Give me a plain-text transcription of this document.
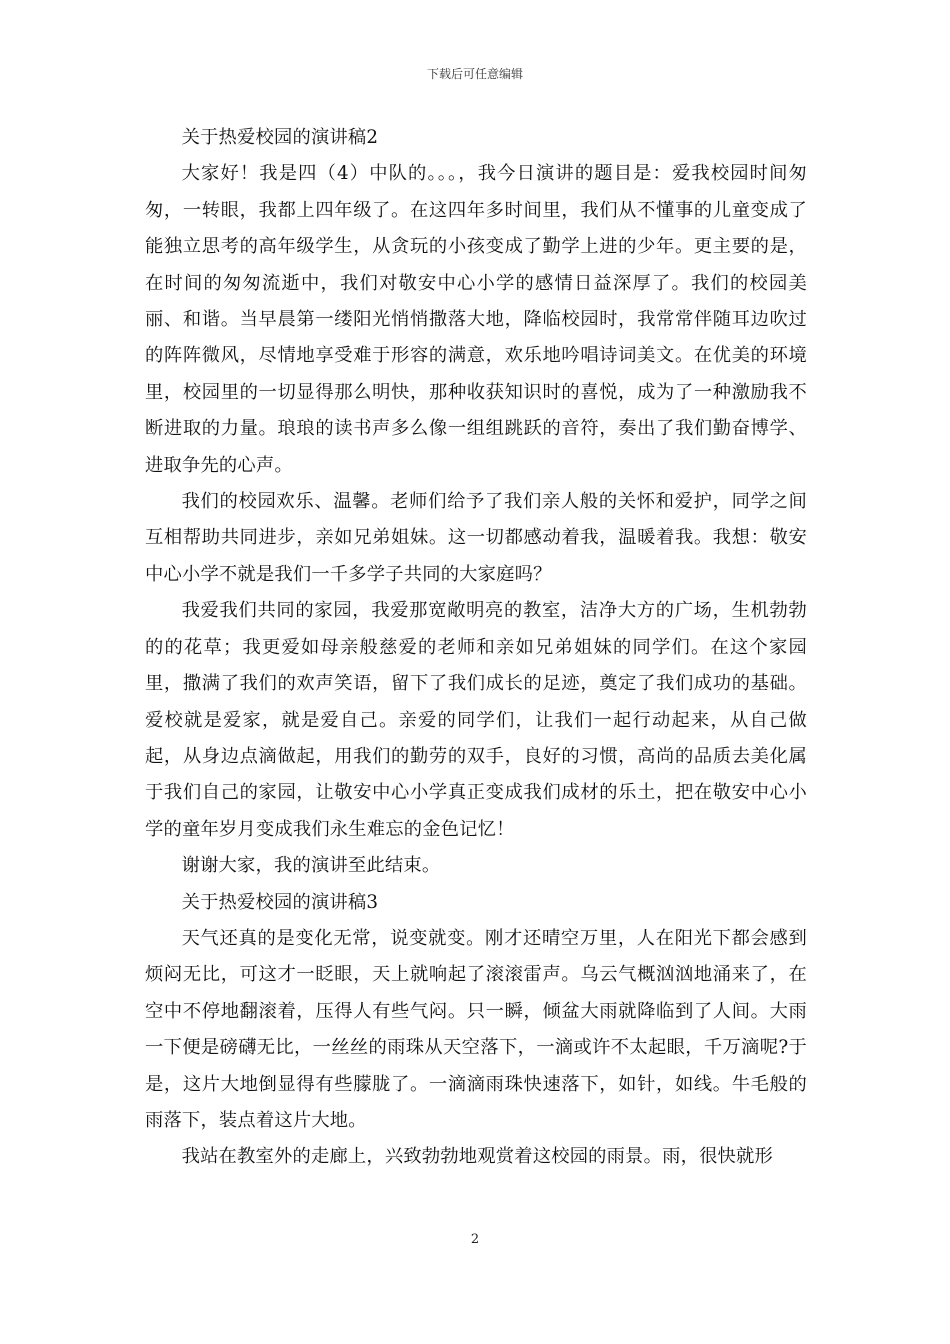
下载后可任意编辑

关于热爱校园的演讲稿2

大家好！我是四（4）中队的。。。，我今日演讲的题目是：爱我校园时间匆匆，一转眼，我都上四年级了。在这四年多时间里，我们从不懂事的儿童变成了能独立思考的高年级学生，从贪玩的小孩变成了勤学上进的少年。更主要的是，在时间的匆匆流逝中，我们对敬安中心小学的感情日益深厚了。我们的校园美丽、和谐。当早晨第一缕阳光悄悄撒落大地，降临校园时，我常常伴随耳边吹过的阵阵微风，尽情地享受难于形容的满意，欢乐地吟唱诗词美文。在优美的环境里，校园里的一切显得那么明快，那种收获知识时的喜悦，成为了一种激励我不断进取的力量。琅琅的读书声多么像一组组跳跃的音符，奏出了我们勤奋博学、进取争先的心声。

我们的校园欢乐、温馨。老师们给予了我们亲人般的关怀和爱护，同学之间互相帮助共同进步，亲如兄弟姐妹。这一切都感动着我，温暖着我。我想：敬安中心小学不就是我们一千多学子共同的大家庭吗？

我爱我们共同的家园，我爱那宽敞明亮的教室，洁净大方的广场，生机勃勃的的花草；我更爱如母亲般慈爱的老师和亲如兄弟姐妹的同学们。在这个家园里，撒满了我们的欢声笑语，留下了我们成长的足迹，奠定了我们成功的基础。爱校就是爱家，就是爱自己。亲爱的同学们，让我们一起行动起来，从自己做起，从身边点滴做起，用我们的勤劳的双手，良好的习惯，高尚的品质去美化属于我们自己的家园，让敬安中心小学真正变成我们成材的乐土，把在敬安中心小学的童年岁月变成我们永生难忘的金色记忆！

谢谢大家，我的演讲至此结束。

关于热爱校园的演讲稿3

天气还真的是变化无常，说变就变。刚才还晴空万里，人在阳光下都会感到烦闷无比，可这才一眨眼，天上就响起了滚滚雷声。乌云气概汹汹地涌来了，在空中不停地翻滚着，压得人有些气闷。只一瞬，倾盆大雨就降临到了人间。大雨一下便是磅礴无比，一丝丝的雨珠从天空落下，一滴或许不太起眼，千万滴呢?于是，这片大地倒显得有些朦胧了。一滴滴雨珠快速落下，如针，如线。牛毛般的雨落下，装点着这片大地。

我站在教室外的走廊上，兴致勃勃地观赏着这校园的雨景。雨，很快就形

2
